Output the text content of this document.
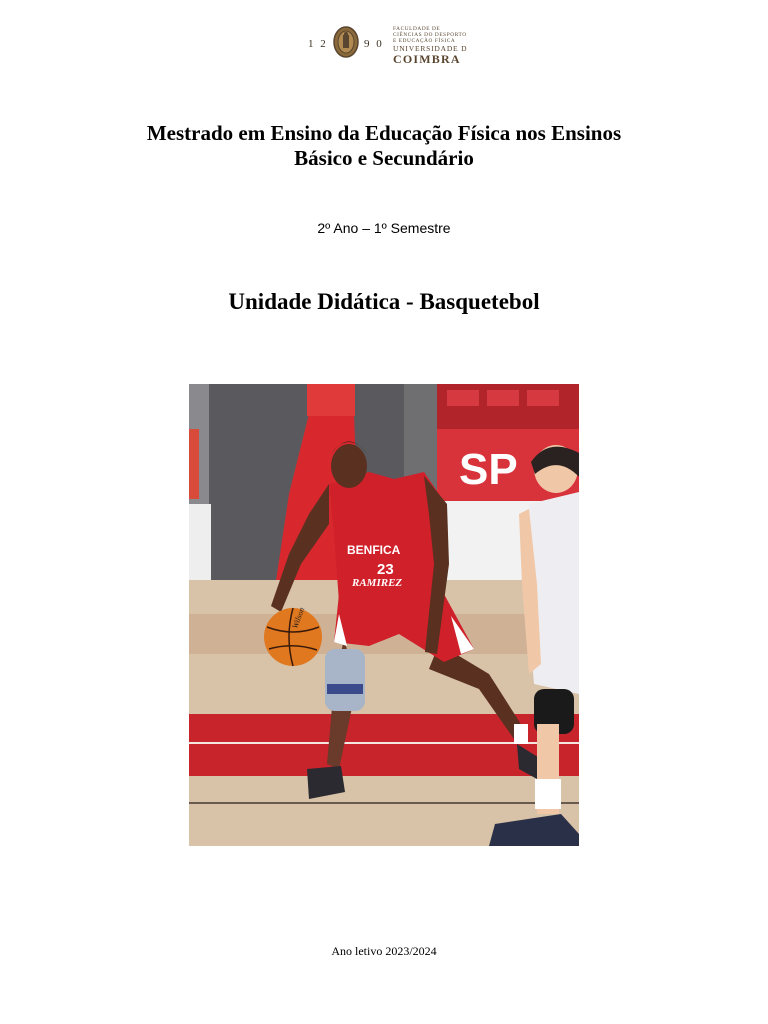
1 2	9 0
FACULDADE DE
CIÊNCIAS DO DESPORTO
E EDUCAÇÃO FÍSICA
UNIVERSIDADE D
COIMBRA
Mestrado em Ensino da Educação Física nos Ensinos
Básico e Secundário
2º Ano – 1º Semestre
Unidade Didática - Basquetebol
SP
BENFICA
23
RAMIREZ
Wilson
Ano letivo 2023/2024
